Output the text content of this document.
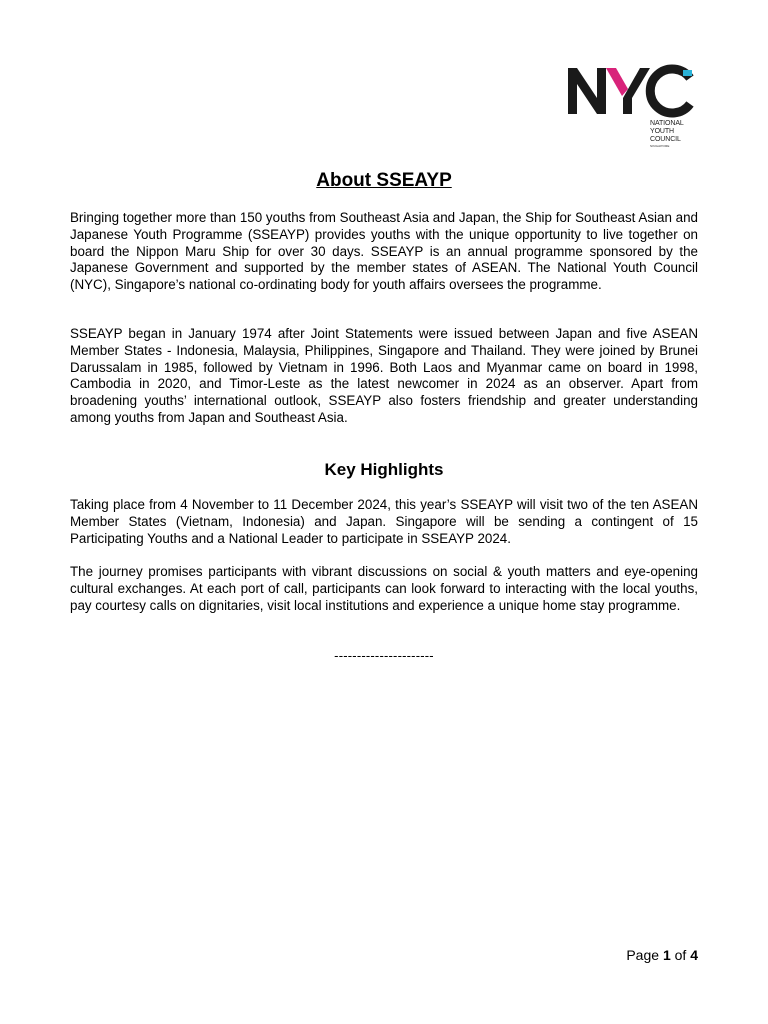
NATIONAL
YOUTH
COUNCIL
SINGAPORE
About SSEAYP

Bringing together more than 150 youths from Southeast Asia and Japan, the Ship for Southeast Asian and Japanese Youth Programme (SSEAYP) provides youths with the unique opportunity to live together on board the Nippon Maru Ship for over 30 days. SSEAYP is an annual programme sponsored by the Japanese Government and supported by the member states of ASEAN. The National Youth Council (NYC), Singapore’s national co-ordinating body for youth affairs oversees the programme.

SSEAYP began in January 1974 after Joint Statements were issued between Japan and five ASEAN Member States - Indonesia, Malaysia, Philippines, Singapore and Thailand. They were joined by Brunei Darussalam in 1985, followed by Vietnam in 1996. Both Laos and Myanmar came on board in 1998, Cambodia in 2020, and Timor-Leste as the latest newcomer in 2024 as an observer. Apart from broadening youths’ international outlook, SSEAYP also fosters friendship and greater understanding among youths from Japan and Southeast Asia.

Key Highlights

Taking place from 4 November to 11 December 2024, this year’s SSEAYP will visit two of the ten ASEAN Member States (Vietnam, Indonesia) and Japan. Singapore will be sending a contingent of 15 Participating Youths and a National Leader to participate in SSEAYP 2024.

The journey promises participants with vibrant discussions on social & youth matters and eye-opening cultural exchanges. At each port of call, participants can look forward to interacting with the local youths, pay courtesy calls on dignitaries, visit local institutions and experience a unique home stay programme.

----------------------
Page 1 of 4
